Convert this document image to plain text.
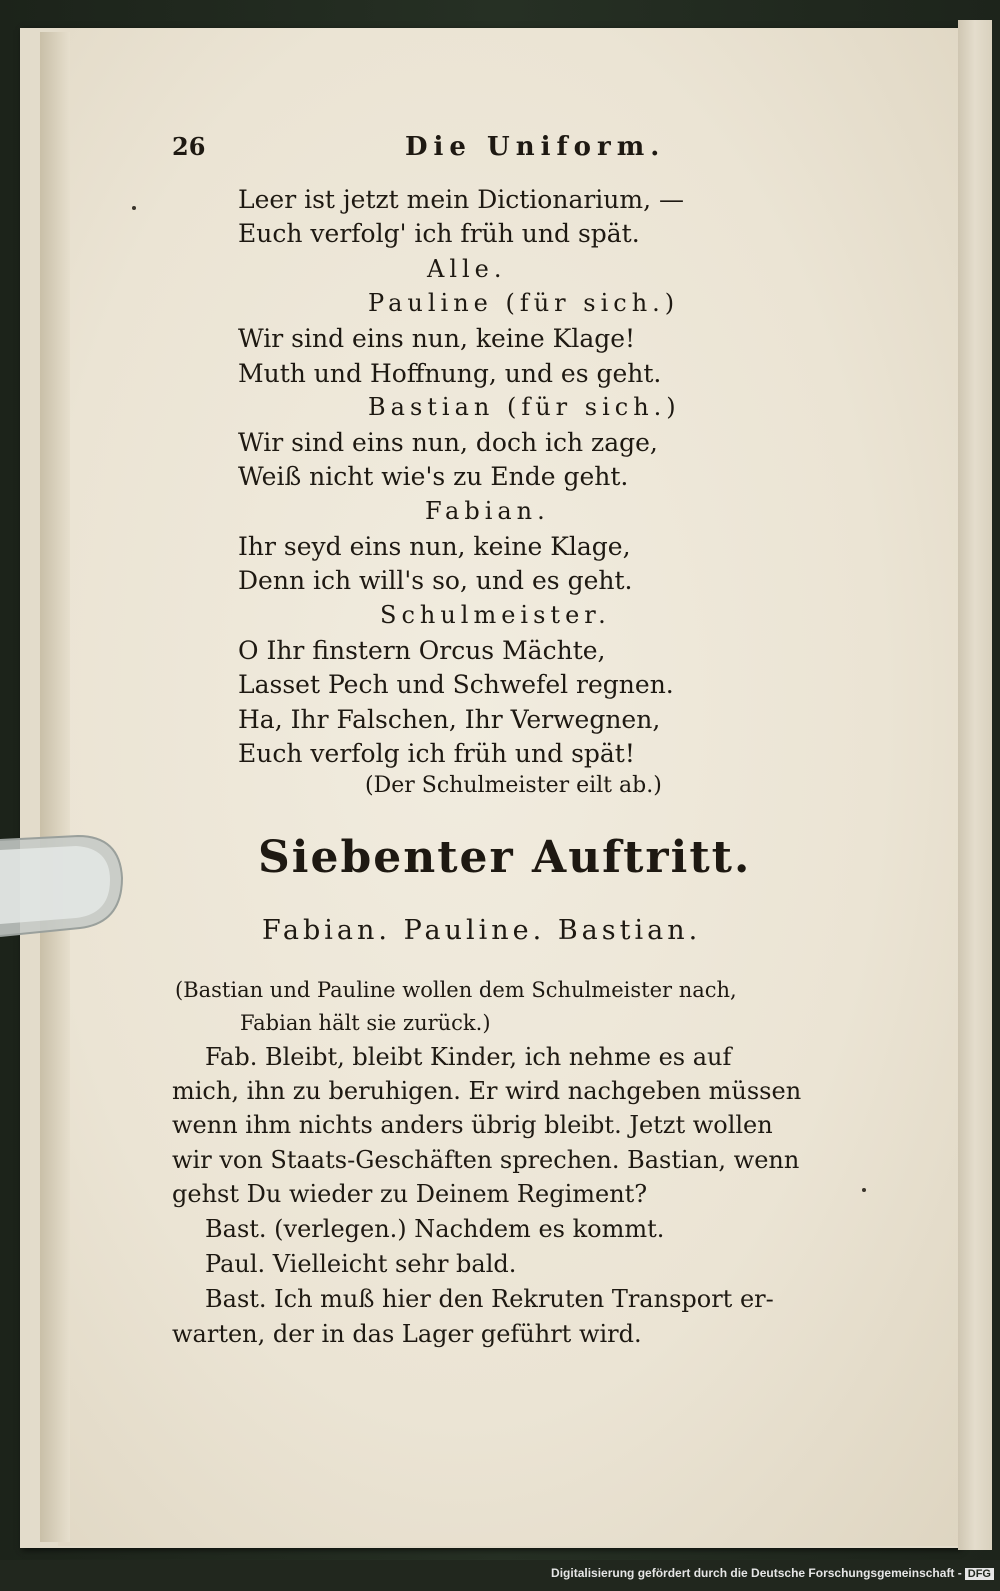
26	Die Uniform.
Leer ist jetzt mein Dictionarium, —
Euch verfolg' ich früh und spät.
Alle.
Pauline (für sich.)
Wir sind eins nun, keine Klage!
Muth und Hoffnung, und es geht.
Bastian (für sich.)
Wir sind eins nun, doch ich zage,
Weiß nicht wie's zu Ende geht.
Fabian.
Ihr seyd eins nun, keine Klage,
Denn ich will's so, und es geht.
Schulmeister.
O Ihr finstern Orcus Mächte,
Lasset Pech und Schwefel regnen.
Ha, Ihr Falschen, Ihr Verwegnen,
Euch verfolg ich früh und spät!
(Der Schulmeister eilt ab.)
Siebenter Auftritt.
Fabian. Pauline. Bastian.
(Bastian und Pauline wollen dem Schulmeister nach,
Fabian hält sie zurück.)
Fab. Bleibt, bleibt Kinder, ich nehme es auf
mich, ihn zu beruhigen. Er wird nachgeben müssen
wenn ihm nichts anders übrig bleibt. Jetzt wollen
wir von Staats-Geschäften sprechen. Bastian, wenn
gehst Du wieder zu Deinem Regiment?
Bast. (verlegen.) Nachdem es kommt.
Paul. Vielleicht sehr bald.
Bast. Ich muß hier den Rekruten Transport er-
warten, der in das Lager geführt wird.
Digitalisierung gefördert durch die Deutsche Forschungsgemeinschaft - DFG
